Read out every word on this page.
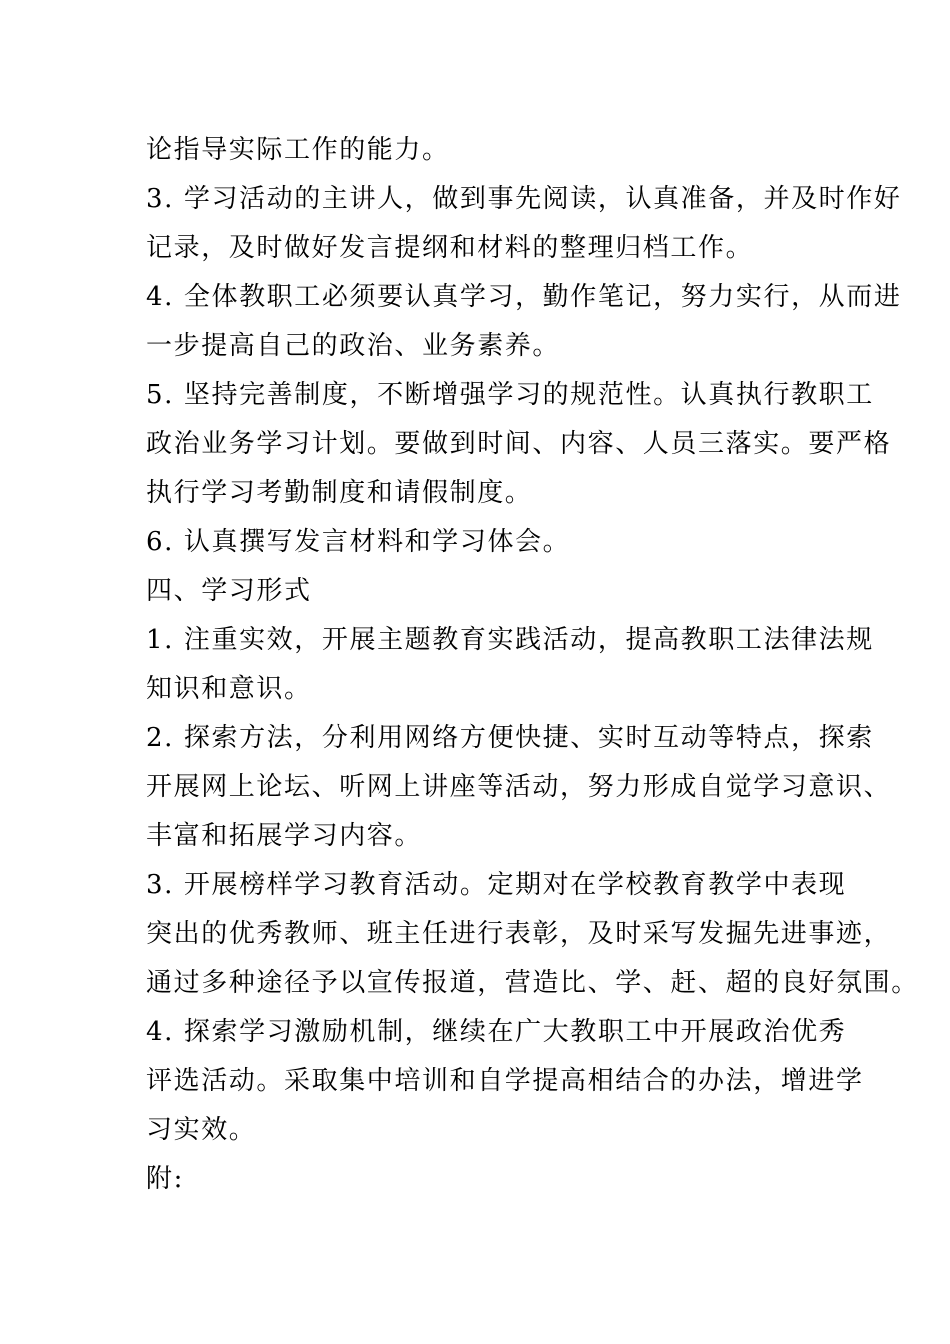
论指导实际工作的能力。
3. 学习活动的主讲人，做到事先阅读，认真准备，并及时作好
记录，及时做好发言提纲和材料的整理归档工作。
4. 全体教职工必须要认真学习，勤作笔记，努力实行，从而进
一步提高自己的政治、业务素养。
5. 坚持完善制度，不断增强学习的规范性。认真执行教职工
政治业务学习计划。要做到时间、内容、人员三落实。要严格
执行学习考勤制度和请假制度。
6. 认真撰写发言材料和学习体会。
四、学习形式
1. 注重实效，开展主题教育实践活动，提高教职工法律法规
知识和意识。
2. 探索方法，分利用网络方便快捷、实时互动等特点，探索
开展网上论坛、听网上讲座等活动，努力形成自觉学习意识、
丰富和拓展学习内容。
3. 开展榜样学习教育活动。定期对在学校教育教学中表现
突出的优秀教师、班主任进行表彰，及时采写发掘先进事迹，
通过多种途径予以宣传报道，营造比、学、赶、超的良好氛围。
4. 探索学习激励机制，继续在广大教职工中开展政治优秀
评选活动。采取集中培训和自学提高相结合的办法，增进学
习实效。
附:
